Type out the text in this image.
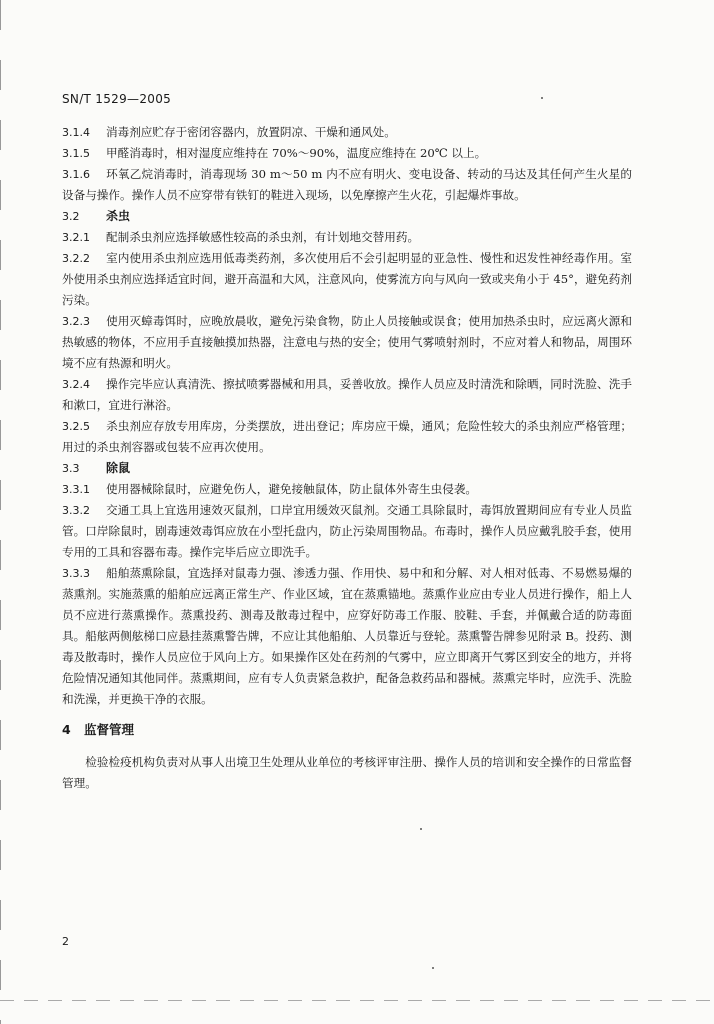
SN/T 1529—2005

3.1.4 消毒剂应贮存于密闭容器内，放置阴凉、干燥和通风处。

3.1.5 甲醛消毒时，相对湿度应维持在 70%～90%，温度应维持在 20℃ 以上。

3.1.6 环氧乙烷消毒时，消毒现场 30 m～50 m 内不应有明火、变电设备、转动的马达及其任何产生火星的设备与操作。操作人员不应穿带有铁钉的鞋进入现场，以免摩擦产生火花，引起爆炸事故。

3.2 杀虫

3.2.1 配制杀虫剂应选择敏感性较高的杀虫剂，有计划地交替用药。

3.2.2 室内使用杀虫剂应选用低毒类药剂，多次使用后不会引起明显的亚急性、慢性和迟发性神经毒作用。室外使用杀虫剂应选择适宜时间，避开高温和大风，注意风向，使雾流方向与风向一致或夹角小于 45°，避免药剂污染。

3.2.3 使用灭蟑毒饵时，应晚放晨收，避免污染食物，防止人员接触或误食；使用加热杀虫时，应远离火源和热敏感的物体，不应用手直接触摸加热器，注意电与热的安全；使用气雾喷射剂时，不应对着人和物品，周围环境不应有热源和明火。

3.2.4 操作完毕应认真清洗、擦拭喷雾器械和用具，妥善收放。操作人员应及时清洗和除晒，同时洗脸、洗手和漱口，宜进行淋浴。

3.2.5 杀虫剂应存放专用库房，分类摆放，进出登记；库房应干燥，通风；危险性较大的杀虫剂应严格管理；用过的杀虫剂容器或包装不应再次使用。

3.3 除鼠

3.3.1 使用器械除鼠时，应避免伤人，避免接触鼠体，防止鼠体外寄生虫侵袭。

3.3.2 交通工具上宜选用速效灭鼠剂，口岸宜用缓效灭鼠剂。交通工具除鼠时，毒饵放置期间应有专业人员监管。口岸除鼠时，剧毒速效毒饵应放在小型托盘内，防止污染周围物品。布毒时，操作人员应戴乳胶手套，使用专用的工具和容器布毒。操作完毕后应立即洗手。

3.3.3 船舶蒸熏除鼠，宜选择对鼠毒力强、渗透力强、作用快、易中和和分解、对人相对低毒、不易燃易爆的蒸熏剂。实施蒸熏的船舶应远离正常生产、作业区域，宜在蒸熏锚地。蒸熏作业应由专业人员进行操作，船上人员不应进行蒸熏操作。蒸熏投药、测毒及散毒过程中，应穿好防毒工作服、胶鞋、手套，并佩戴合适的防毒面具。船舷两侧舷梯口应悬挂蒸熏警告牌，不应让其他船舶、人员靠近与登轮。蒸熏警告牌参见附录 B。投药、测毒及散毒时，操作人员应位于风向上方。如果操作区处在药剂的气雾中，应立即离开气雾区到安全的地方，并将危险情况通知其他同伴。蒸熏期间，应有专人负责紧急救护，配备急救药品和器械。蒸熏完毕时，应洗手、洗脸和洗澡，并更换干净的衣服。

4 监督管理

检验检疫机构负责对从事人出境卫生处理从业单位的考核评审注册、操作人员的培训和安全操作的日常监督管理。

2
